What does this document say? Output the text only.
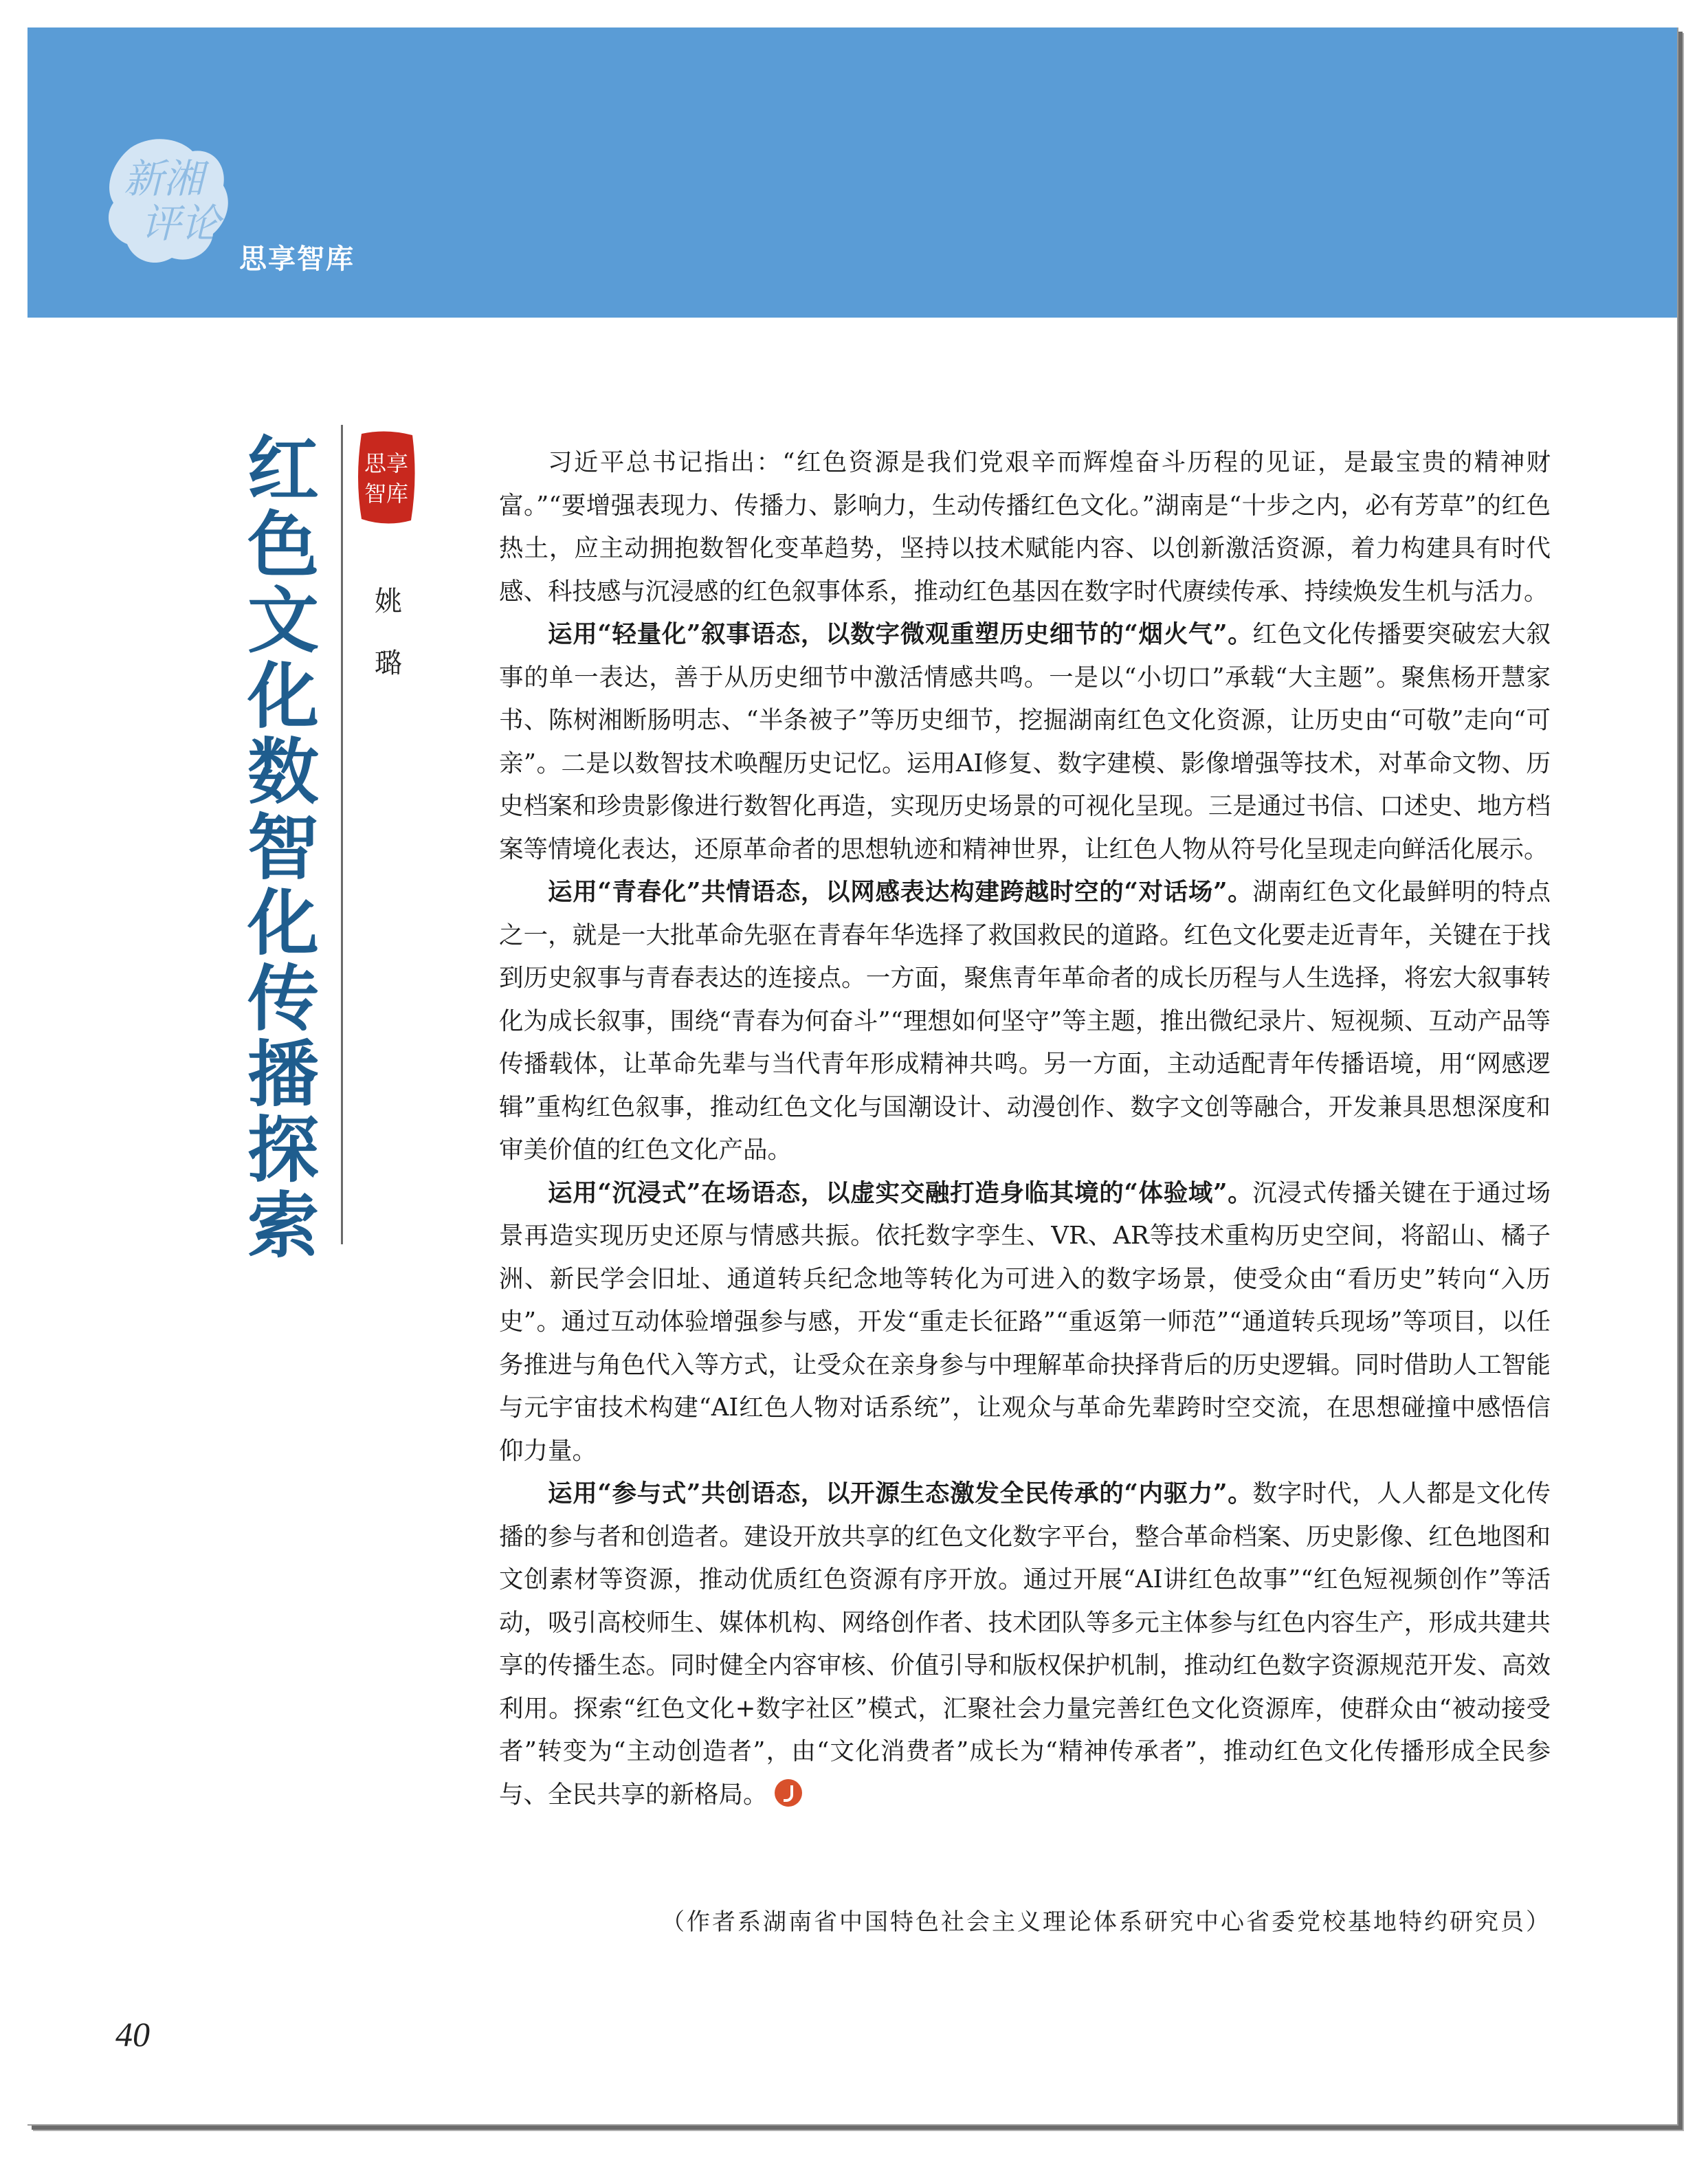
新湘
评论
思享智库
红
色
文
化
数
智
化
传
播
探
索
思享
智库
姚
璐

习近平总书记指出：“红色资源是我们党艰辛而辉煌奋斗历程的见证，是最宝贵的精神财富。”“要增强表现力、传播力、影响力，生动传播红色文化。”湖南是“十步之内，必有芳草”的红色热土，应主动拥抱数智化变革趋势，坚持以技术赋能内容、以创新激活资源，着力构建具有时代感、科技感与沉浸感的红色叙事体系，推动红色基因在数字时代赓续传承、持续焕发生机与活力。

运用“轻量化”叙事语态，以数字微观重塑历史细节的“烟火气”。红色文化传播要突破宏大叙事的单一表达，善于从历史细节中激活情感共鸣。一是以“小切口”承载“大主题”。聚焦杨开慧家书、陈树湘断肠明志、“半条被子”等历史细节，挖掘湖南红色文化资源，让历史由“可敬”走向“可亲”。二是以数智技术唤醒历史记忆。运用AI修复、数字建模、影像增强等技术，对革命文物、历史档案和珍贵影像进行数智化再造，实现历史场景的可视化呈现。三是通过书信、口述史、地方档案等情境化表达，还原革命者的思想轨迹和精神世界，让红色人物从符号化呈现走向鲜活化展示。

运用“青春化”共情语态，以网感表达构建跨越时空的“对话场”。湖南红色文化最鲜明的特点之一，就是一大批革命先驱在青春年华选择了救国救民的道路。红色文化要走近青年，关键在于找到历史叙事与青春表达的连接点。一方面，聚焦青年革命者的成长历程与人生选择，将宏大叙事转化为成长叙事，围绕“青春为何奋斗”“理想如何坚守”等主题，推出微纪录片、短视频、互动产品等传播载体，让革命先辈与当代青年形成精神共鸣。另一方面，主动适配青年传播语境，用“网感逻辑”重构红色叙事，推动红色文化与国潮设计、动漫创作、数字文创等融合，开发兼具思想深度和审美价值的红色文化产品。

运用“沉浸式”在场语态，以虚实交融打造身临其境的“体验域”。沉浸式传播关键在于通过场景再造实现历史还原与情感共振。依托数字孪生、VR、AR等技术重构历史空间，将韶山、橘子洲、新民学会旧址、通道转兵纪念地等转化为可进入的数字场景，使受众由“看历史”转向“入历史”。通过互动体验增强参与感，开发“重走长征路”“重返第一师范”“通道转兵现场”等项目，以任务推进与角色代入等方式，让受众在亲身参与中理解革命抉择背后的历史逻辑。同时借助人工智能与元宇宙技术构建“AI红色人物对话系统”，让观众与革命先辈跨时空交流，在思想碰撞中感悟信仰力量。

运用“参与式”共创语态，以开源生态激发全民传承的“内驱力”。数字时代，人人都是文化传播的参与者和创造者。建设开放共享的红色文化数字平台，整合革命档案、历史影像、红色地图和文创素材等资源，推动优质红色资源有序开放。通过开展“AI讲红色故事”“红色短视频创作”等活动，吸引高校师生、媒体机构、网络创作者、技术团队等多元主体参与红色内容生产，形成共建共享的传播生态。同时健全内容审核、价值引导和版权保护机制，推动红色数字资源规范开发、高效利用。探索“红色文化+数字社区”模式，汇聚社会力量完善红色文化资源库，使群众由“被动接受者”转变为“主动创造者”，由“文化消费者”成长为“精神传承者”，推动红色文化传播形成全民参与、全民共享的新格局。

（作者系湖南省中国特色社会主义理论体系研究中心省委党校基地特约研究员）
40
